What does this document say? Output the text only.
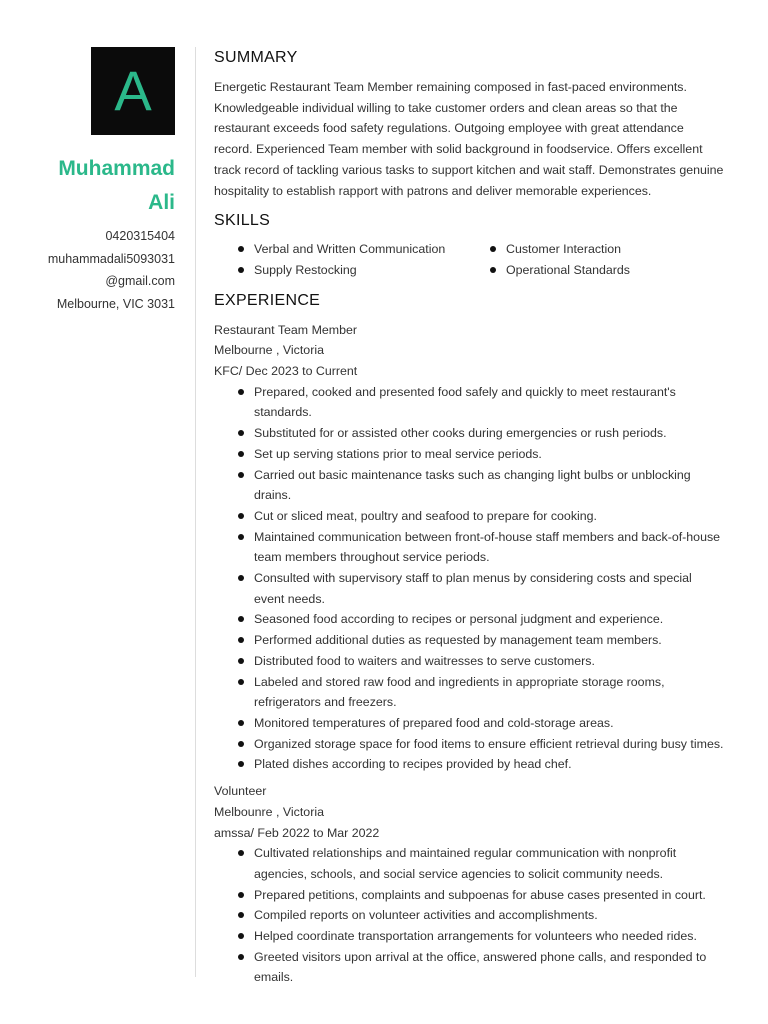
A
Muhammad
Ali
0420315404
muhammadali5093031
@gmail.com
Melbourne, VIC 3031
SUMMARY

Energetic Restaurant Team Member remaining composed in fast-paced environments. Knowledgeable individual willing to take customer orders and clean areas so that the restaurant exceeds food safety regulations. Outgoing employee with great attendance record. Experienced Team member with solid background in foodservice. Offers excellent track record of tackling various tasks to support kitchen and wait staff. Demonstrates genuine hospitality to establish rapport with patrons and deliver memorable experiences.

SKILLS
Verbal and Written Communication	Customer Interaction
Supply Restocking	Operational Standards
EXPERIENCE
Restaurant Team Member
Melbourne , Victoria
KFC/ Dec 2023 to Current
Prepared, cooked and presented food safely and quickly to meet restaurant's standards.
Substituted for or assisted other cooks during emergencies or rush periods.
Set up serving stations prior to meal service periods.
Carried out basic maintenance tasks such as changing light bulbs or unblocking drains.
Cut or sliced meat, poultry and seafood to prepare for cooking.
Maintained communication between front-of-house staff members and back-of-house team members throughout service periods.
Consulted with supervisory staff to plan menus by considering costs and special event needs.
Seasoned food according to recipes or personal judgment and experience.
Performed additional duties as requested by management team members.
Distributed food to waiters and waitresses to serve customers.
Labeled and stored raw food and ingredients in appropriate storage rooms, refrigerators and freezers.
Monitored temperatures of prepared food and cold-storage areas.
Organized storage space for food items to ensure efficient retrieval during busy times.
Plated dishes according to recipes provided by head chef.
Volunteer
Melbounre , Victoria
amssa/ Feb 2022 to Mar 2022
Cultivated relationships and maintained regular communication with nonprofit agencies, schools, and social service agencies to solicit community needs.
Prepared petitions, complaints and subpoenas for abuse cases presented in court.
Compiled reports on volunteer activities and accomplishments.
Helped coordinate transportation arrangements for volunteers who needed rides.
Greeted visitors upon arrival at the office, answered phone calls, and responded to emails.
